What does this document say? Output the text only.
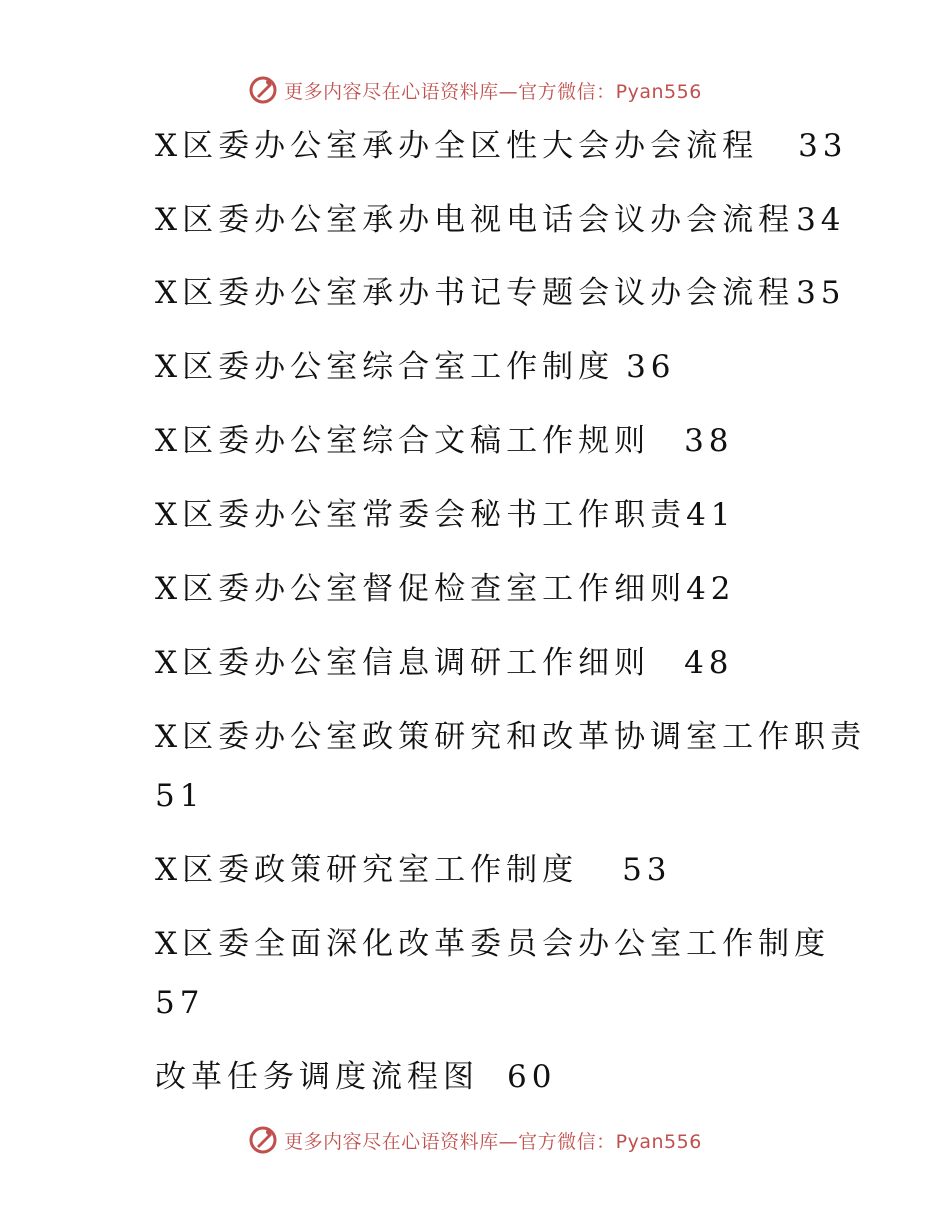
更多内容尽在心语资料库—官方微信：Pyan556
X区委办公室承办全区性大会办会流程 33
X区委办公室承办电视电话会议办会流程34
X区委办公室承办书记专题会议办会流程35
X区委办公室综合室工作制度 36
X区委办公室综合文稿工作规则 38
X区委办公室常委会秘书工作职责41
X区委办公室督促检查室工作细则42
X区委办公室信息调研工作细则 48
X区委办公室政策研究和改革协调室工作职责
51
X区委政策研究室工作制度 53
X区委全面深化改革委员会办公室工作制度
57
改革任务调度流程图 60
更多内容尽在心语资料库—官方微信：Pyan556
